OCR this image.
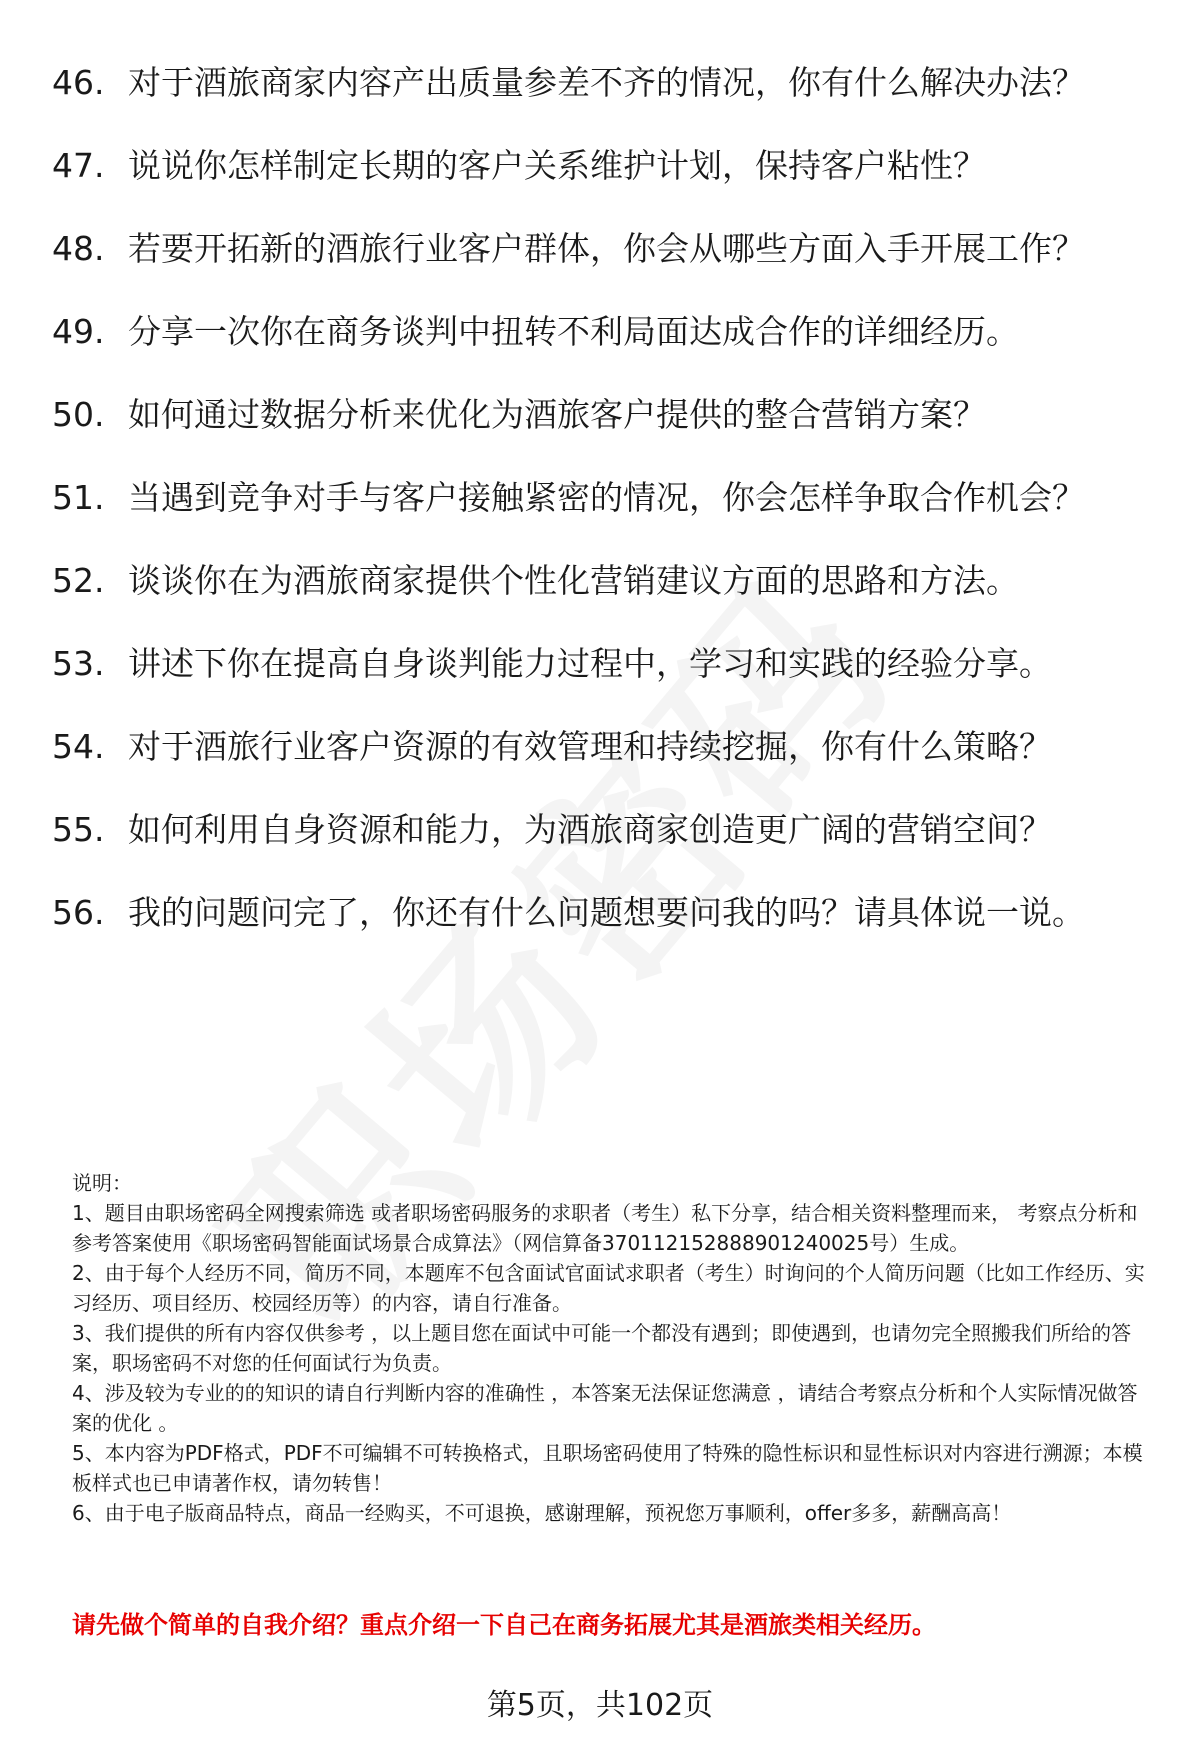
46. 对于酒旅商家内容产出质量参差不齐的情况，你有什么解决办法？
47. 说说你怎样制定长期的客户关系维护计划，保持客户粘性？
48. 若要开拓新的酒旅行业客户群体，你会从哪些方面入手开展工作？
49. 分享一次你在商务谈判中扭转不利局面达成合作的详细经历。
50. 如何通过数据分析来优化为酒旅客户提供的整合营销方案？
51. 当遇到竞争对手与客户接触紧密的情况，你会怎样争取合作机会？
52. 谈谈你在为酒旅商家提供个性化营销建议方面的思路和方法。
53. 讲述下你在提高自身谈判能力过程中，学习和实践的经验分享。
54. 对于酒旅行业客户资源的有效管理和持续挖掘，你有什么策略？
55. 如何利用自身资源和能力，为酒旅商家创造更广阔的营销空间？
56. 我的问题问完了，你还有什么问题想要问我的吗？请具体说一说。
说明：
1、题目由职场密码全网搜索筛选 或者职场密码服务的求职者（考生）私下分享，结合相关资料整理而来， 考察点分析和参考答案使用《职场密码智能面试场景合成算法》（网信算备370112152888901240025号）生成。
2、由于每个人经历不同，简历不同，本题库不包含面试官面试求职者（考生）时询问的个人简历问题（比如工作经历、实习经历、项目经历、校园经历等）的内容，请自行准备。
3、我们提供的所有内容仅供参考 ，以上题目您在面试中可能一个都没有遇到；即使遇到，也请勿完全照搬我们所给的答案，职场密码不对您的任何面试行为负责。
4、涉及较为专业的的知识的请自行判断内容的准确性 ，本答案无法保证您满意 ，请结合考察点分析和个人实际情况做答案的优化 。
5、本内容为PDF格式，PDF不可编辑不可转换格式，且职场密码使用了特殊的隐性标识和显性标识对内容进行溯源；本模板样式也已申请著作权，请勿转售！
6、由于电子版商品特点，商品一经购买，不可退换，感谢理解，预祝您万事顺利，offer多多，薪酬高高！
请先做个简单的自我介绍？重点介绍一下自己在商务拓展尤其是酒旅类相关经历。
第5页，共102页
